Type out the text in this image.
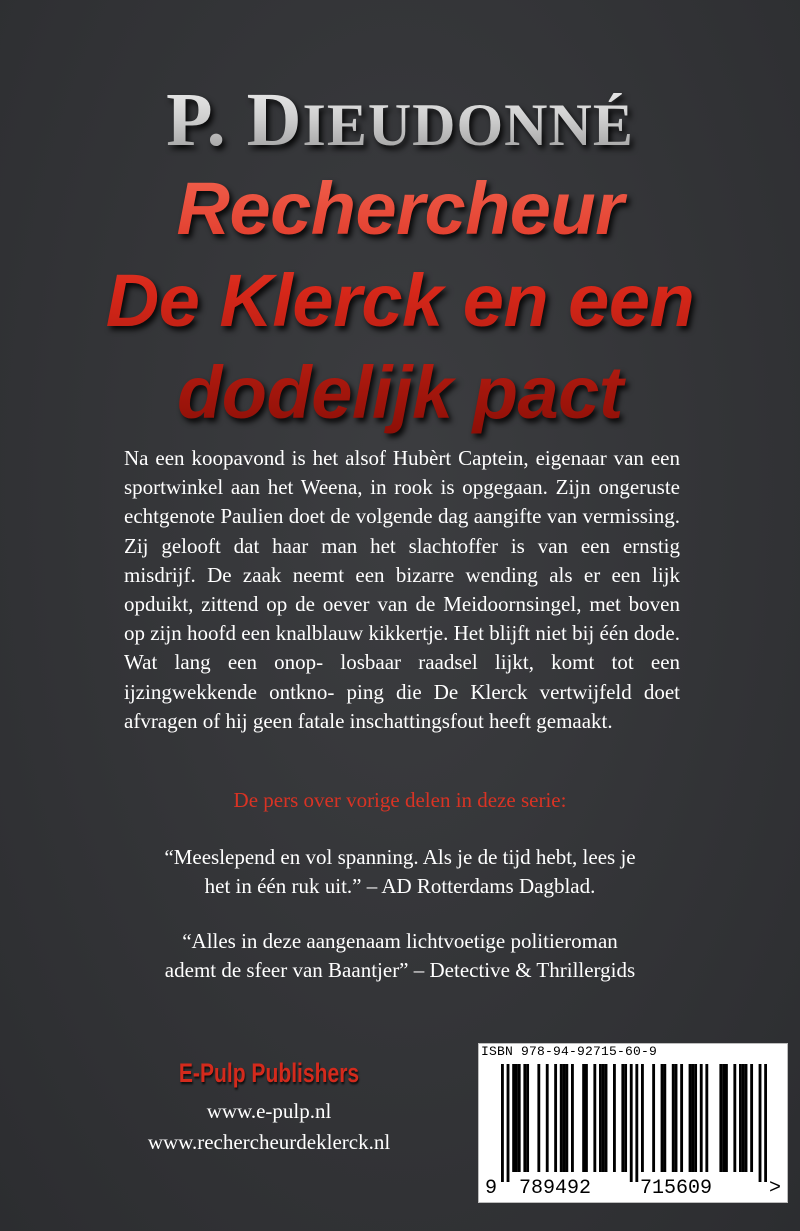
P. DIEUDONNÉ
Rechercheur
De Klerck en een
dodelijk pact
Na een koopavond is het alsof Hubèrt Captein, eigenaar van een sportwinkel aan het Weena, in rook is opgegaan. Zijn ongeruste echtgenote Paulien doet de volgende dag aangifte van vermissing. Zij gelooft dat haar man het slachtoffer is van een ernstig misdrijf. De zaak neemt een bizarre wending als er een lijk opduikt, zittend op de oever van de Meidoornsingel, met boven op zijn hoofd een knalblauw kikkertje. Het blijft niet bij één dode. Wat lang een onop- losbaar raadsel lijkt, komt tot een ijzingwekkende ontkno- ping die De Klerck vertwijfeld doet afvragen of hij geen fatale inschattingsfout heeft gemaakt.
De pers over vorige delen in deze serie:
“Meeslepend en vol spanning. Als je de tijd hebt, lees je
het in één ruk uit.” – AD Rotterdams Dagblad.
“Alles in deze aangenaam lichtvoetige politieroman
ademt de sfeer van Baantjer” – Detective & Thrillergids
E-Pulp Publishers
www.e-pulp.nl
www.rechercheurdeklerck.nl
ISBN 978-94-92715-60-9
9 789492 715609	>
